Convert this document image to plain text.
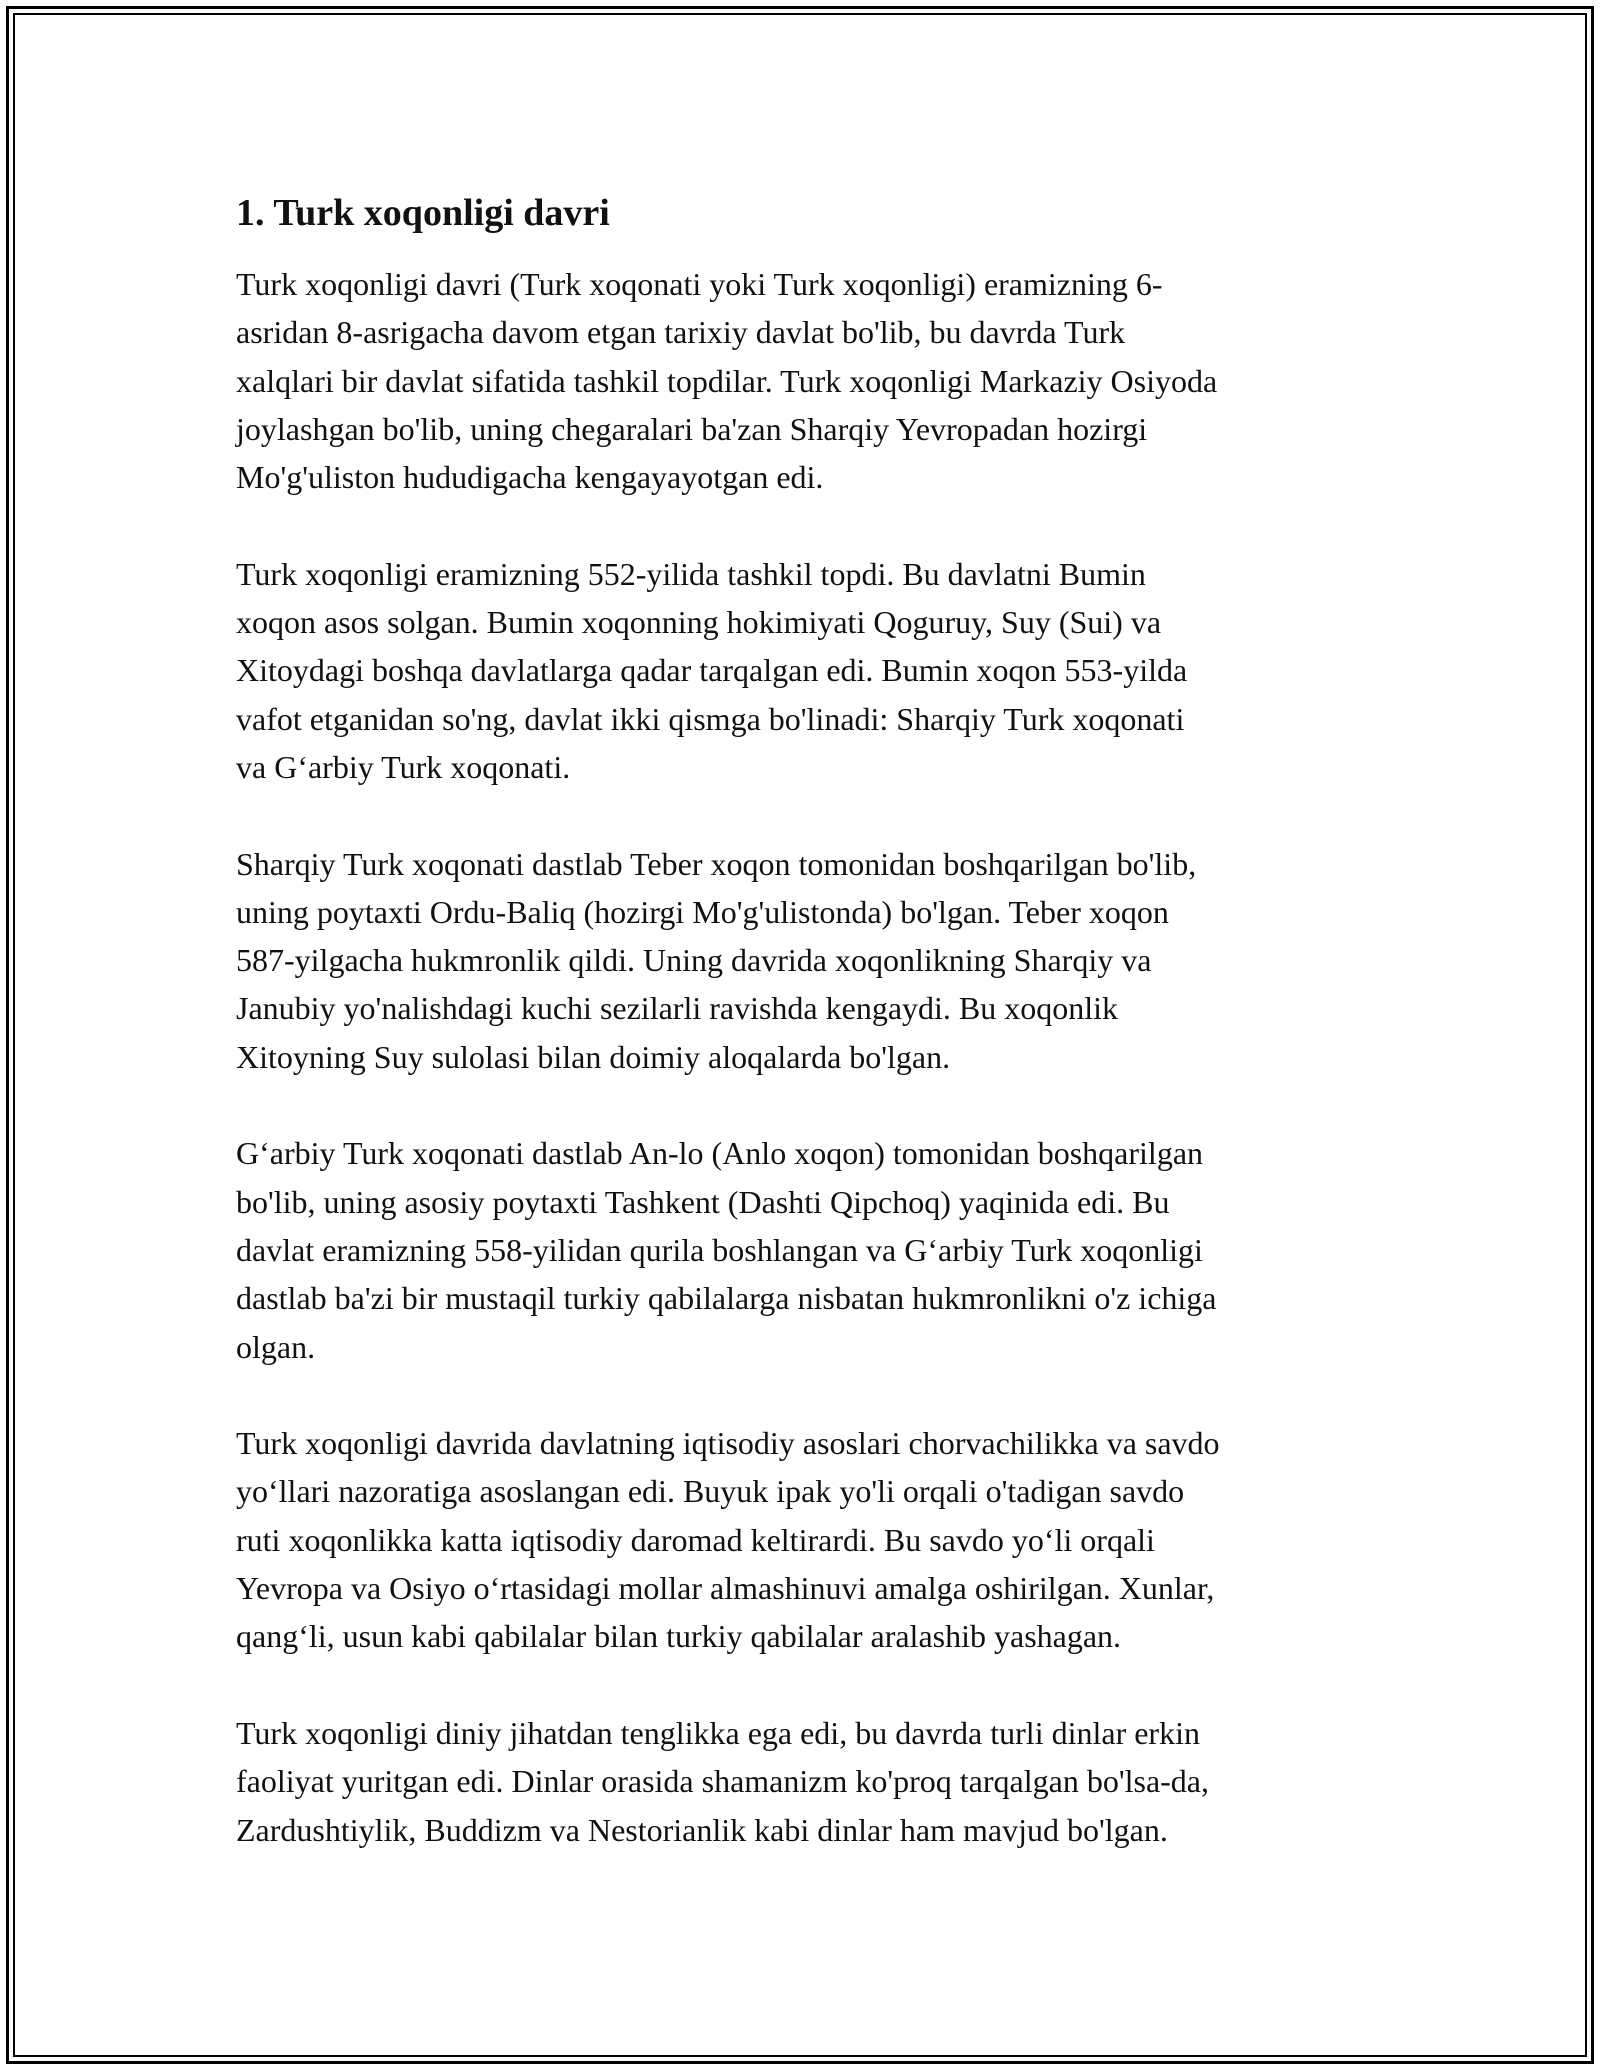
1. Turk xoqonligi davri

Turk xoqonligi davri (Turk xoqonati yoki Turk xoqonligi) eramizning 6-
asridan 8-asrigacha davom etgan tarixiy davlat bo'lib, bu davrda Turk
xalqlari bir davlat sifatida tashkil topdilar. Turk xoqonligi Markaziy Osiyoda
joylashgan bo'lib, uning chegaralari ba'zan Sharqiy Yevropadan hozirgi
Mo'g'uliston hududigacha kengayayotgan edi.

Turk xoqonligi eramizning 552-yilida tashkil topdi. Bu davlatni Bumin
xoqon asos solgan. Bumin xoqonning hokimiyati Qoguruy, Suy (Sui) va
Xitoydagi boshqa davlatlarga qadar tarqalgan edi. Bumin xoqon 553-yilda
vafot etganidan so'ng, davlat ikki qismga bo'linadi: Sharqiy Turk xoqonati
va G‘arbiy Turk xoqonati.

Sharqiy Turk xoqonati dastlab Teber xoqon tomonidan boshqarilgan bo'lib,
uning poytaxti Ordu-Baliq (hozirgi Mo'g'ulistonda) bo'lgan. Teber xoqon
587-yilgacha hukmronlik qildi. Uning davrida xoqonlikning Sharqiy va
Janubiy yo'nalishdagi kuchi sezilarli ravishda kengaydi. Bu xoqonlik
Xitoyning Suy sulolasi bilan doimiy aloqalarda bo'lgan.

G‘arbiy Turk xoqonati dastlab An-lo (Anlo xoqon) tomonidan boshqarilgan
bo'lib, uning asosiy poytaxti Tashkent (Dashti Qipchoq) yaqinida edi. Bu
davlat eramizning 558-yilidan qurila boshlangan va G‘arbiy Turk xoqonligi
dastlab ba'zi bir mustaqil turkiy qabilalarga nisbatan hukmronlikni o'z ichiga
olgan.

Turk xoqonligi davrida davlatning iqtisodiy asoslari chorvachilikka va savdo
yo‘llari nazoratiga asoslangan edi. Buyuk ipak yo'li orqali o'tadigan savdo
ruti xoqonlikka katta iqtisodiy daromad keltirardi. Bu savdo yo‘li orqali
Yevropa va Osiyo o‘rtasidagi mollar almashinuvi amalga oshirilgan. Xunlar,
qang‘li, usun kabi qabilalar bilan turkiy qabilalar aralashib yashagan.

Turk xoqonligi diniy jihatdan tenglikka ega edi, bu davrda turli dinlar erkin
faoliyat yuritgan edi. Dinlar orasida shamanizm ko'proq tarqalgan bo'lsa-da,
Zardushtiylik, Buddizm va Nestorianlik kabi dinlar ham mavjud bo'lgan.
